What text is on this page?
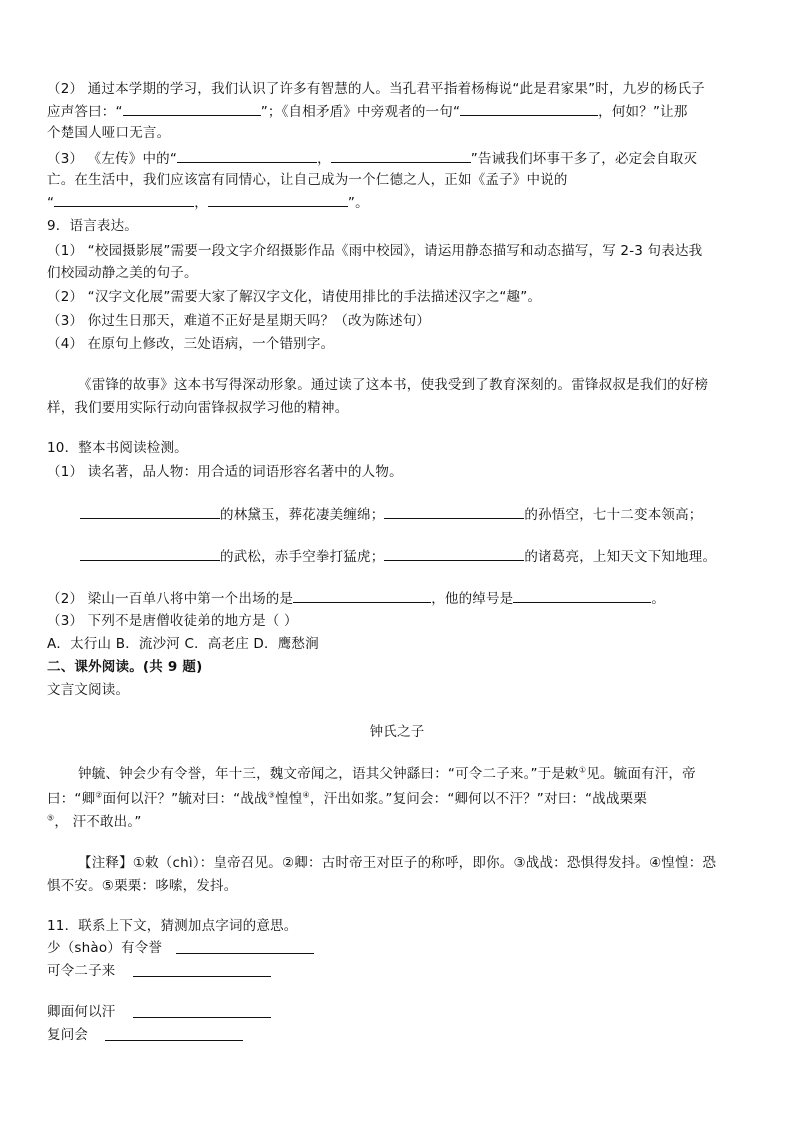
（2） 通过本学期的学习，我们认识了许多有智慧的人。当孔君平指着杨梅说“此是君家果”时，九岁的杨氏子
应声答曰：“	”；《自相矛盾》中旁观者的一句“	，何如？”让那
个楚国人哑口无言。
（3） 《左传》中的“	，	”告诫我们坏事干多了，必定会自取灭
亡。在生活中，我们应该富有同情心，让自己成为一个仁德之人，正如《孟子》中说的
“	，	”。
9．语言表达。
（1） “校园摄影展”需要一段文字介绍摄影作品《雨中校园》，请运用静态描写和动态描写，写 2-3 句表达我
们校园动静之美的句子。
（2） “汉字文化展”需要大家了解汉字文化，请使用排比的手法描述汉字之“趣”。
（3） 你过生日那天，难道不正好是星期天吗？（改为陈述句）
（4） 在原句上修改，三处语病，一个错别字。
《雷锋的故事》这本书写得深动形象。通过读了这本书，使我受到了教育深刻的。雷锋叔叔是我们的好榜
样，我们要用实际行动向雷锋叔叔学习他的精神。
10．整本书阅读检测。
（1） 读名著，品人物：用合适的词语形容名著中的人物。
的林黛玉，葬花凄美缠绵；	的孙悟空，七十二变本领高；
的武松，赤手空拳打猛虎；	的诸葛亮，上知天文下知地理。
（2） 梁山一百单八将中第一个出场的是	，他的绰号是	。
（3） 下列不是唐僧收徒弟的地方是（ ）
A．太行山 B．流沙河 C．高老庄 D．鹰愁涧
二、课外阅读。(共 9 题)
文言文阅读。
钟氏之子
钟毓、钟会少有令誉，年十三，魏文帝闻之，语其父钟繇曰：“可令二子来。”于是敕①见。毓面有汗，帝
曰：“卿②面何以汗？”毓对曰：“战战③惶惶④，汗出如浆。”复问会：“卿何以不汗？”对曰：“战战栗栗
⑤， 汗不敢出。”
【注释】①敕（chì）：皇帝召见。②卿：古时帝王对臣子的称呼，即你。③战战：恐惧得发抖。④惶惶：恐
惧不安。⑤栗栗：哆嗦，发抖。
11．联系上下文，猜测加点字词的意思。
少（shào）有令誉
可令二子来
卿面何以汗
复问会
